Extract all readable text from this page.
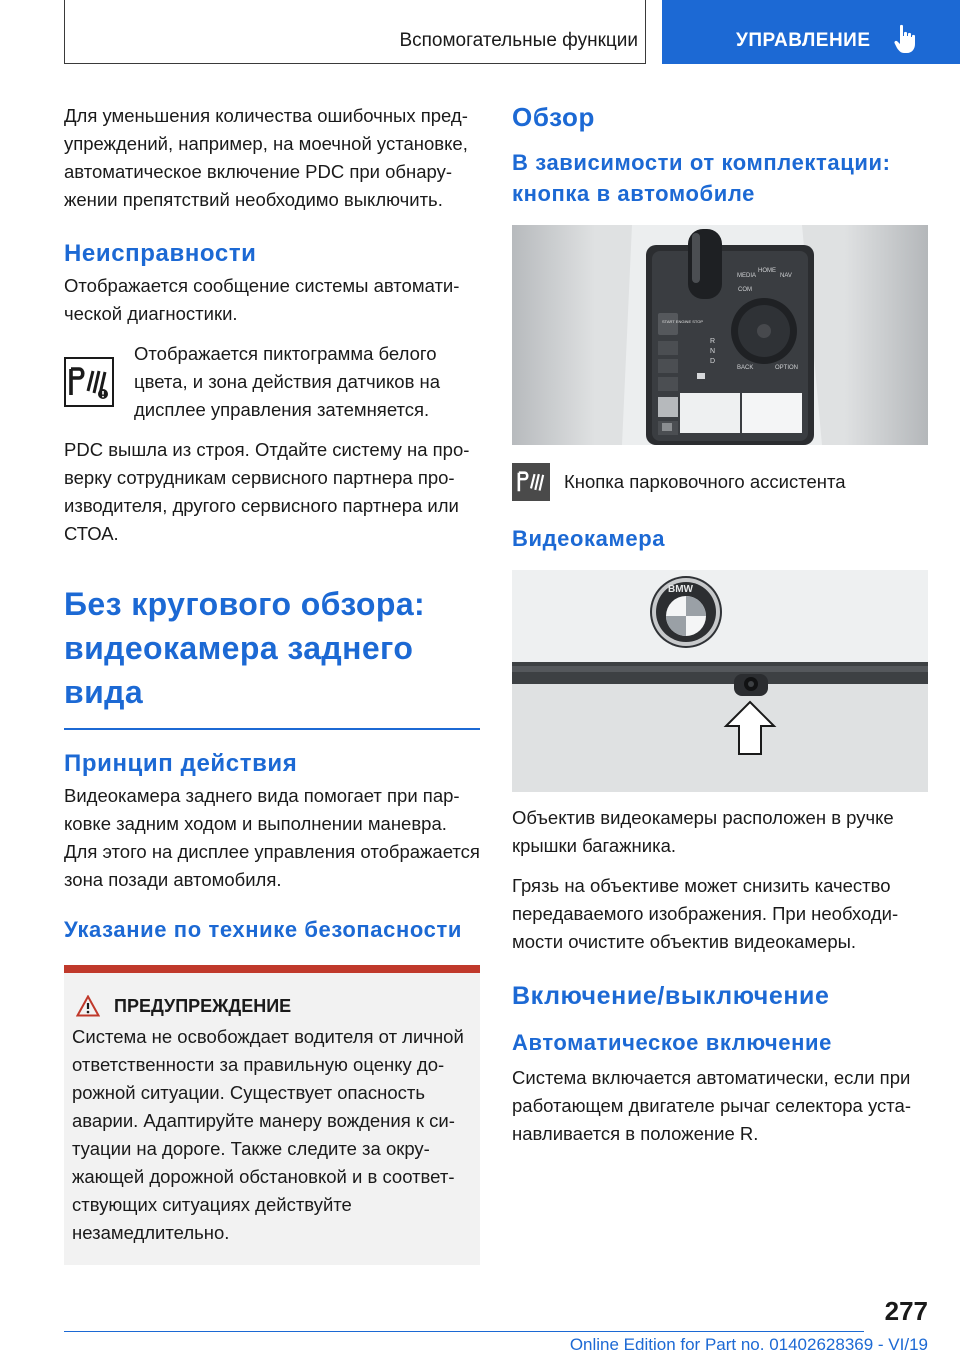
Вспомогательные функции	УПРАВЛЕНИЕ

Для уменьшения количества ошибочных предупреждений, например, на моечной установке, автоматическое включение PDC при обнаружении препятствий необходимо выключить.

Неисправности

Отображается сообщение системы автоматической диагностики.

Отображается пиктограмма белого цвета, и зона действия датчиков на дисплее управления затемняется.

PDC вышла из строя. Отдайте систему на проверку сотрудникам сервисного партнера производителя, другого сервисного партнера или СТОА.

Без кругового обзора: видеокамера заднего вида
Принцип действия

Видеокамера заднего вида помогает при парковке задним ходом и выполнении маневра. Для этого на дисплее управления отображается зона позади автомобиля.

Указание по технике безопасности
ПРЕДУПРЕЖДЕНИЕ

Система не освобождает водителя от личной ответственности за правильную оценку дорожной ситуации. Существует опасность аварии. Адаптируйте манеру вождения к ситуации на дороге. Также следите за окружающей дорожной обстановкой и в соответствующих ситуациях действуйте незамедлительно.

Обзор
В зависимости от комплектации: кнопка в автомобиле
MEDIA
HOME
NAV
COM
BACK	OPTION
START ENGINE STOP
R
N
D
Кнопка парковочного ассистента
Видеокамера
BMW

Объектив видеокамеры расположен в ручке крышки багажника.

Грязь на объективе может снизить качество передаваемого изображения. При необходимости очистите объектив видеокамеры.

Включение/выключение
Автоматическое включение

Система включается автоматически, если при работающем двигателе рычаг селектора устанавливается в положение R.

277
Online Edition for Part no. 01402628369 - VI/19
